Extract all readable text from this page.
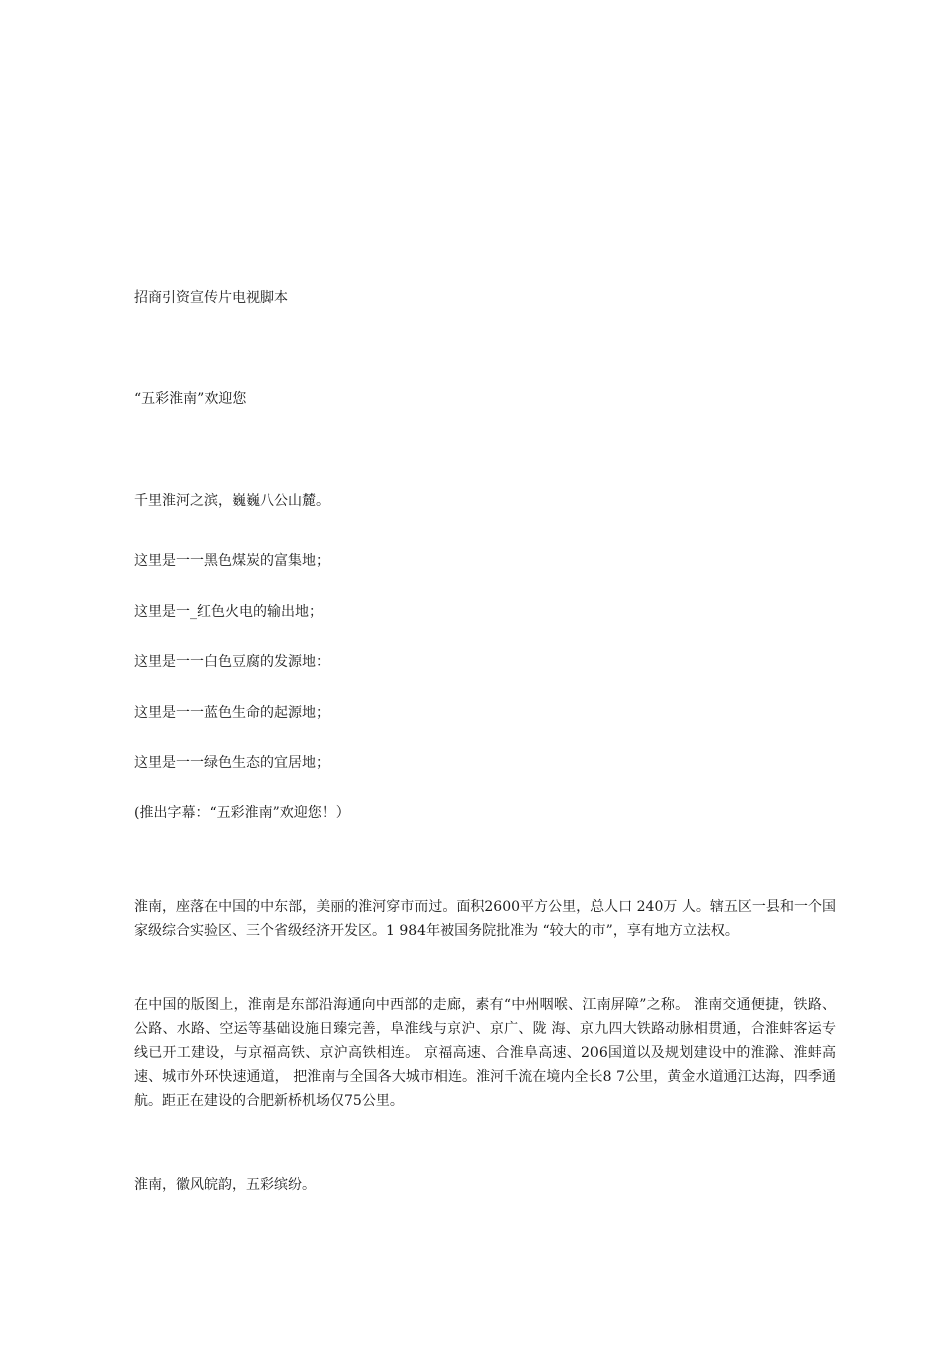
招商引资宣传片电视脚本

“五彩淮南”欢迎您

千里淮河之滨，巍巍八公山麓。

这里是一一黑色煤炭的富集地；

这里是一_红色火电的输出地；

这里是一一白色豆腐的发源地：

这里是一一蓝色生命的起源地；

这里是一一绿色生态的宜居地；

(推出字幕：“五彩淮南”欢迎您！）

淮南，座落在中国的中东部，美丽的淮河穿市而过。面积2600平方公里，总人口 240万 人。辖五区一县和一个国家级综合实验区、三个省级经济开发区。1 984年被国务院批准为 “较大的市”，享有地方立法权。

在中国的版图上，淮南是东部沿海通向中西部的走廊，素有“中州咽喉、江南屏障”之称。 淮南交通便捷，铁路、公路、水路、空运等基础设施日臻完善，阜淮线与京沪、京广、陇 海、京九四大铁路动脉相贯通，合淮蚌客运专线已开工建设，与京福高铁、京沪高铁相连。 京福高速、合淮阜高速、206国道以及规划建设中的淮滁、淮蚌高速、城市外环快速通道， 把淮南与全国各大城市相连。淮河千流在境内全长8 7公里，黄金水道通江达海，四季通 航。距正在建设的合肥新桥机场仅75公里。

淮南，徽风皖韵，五彩缤纷。
